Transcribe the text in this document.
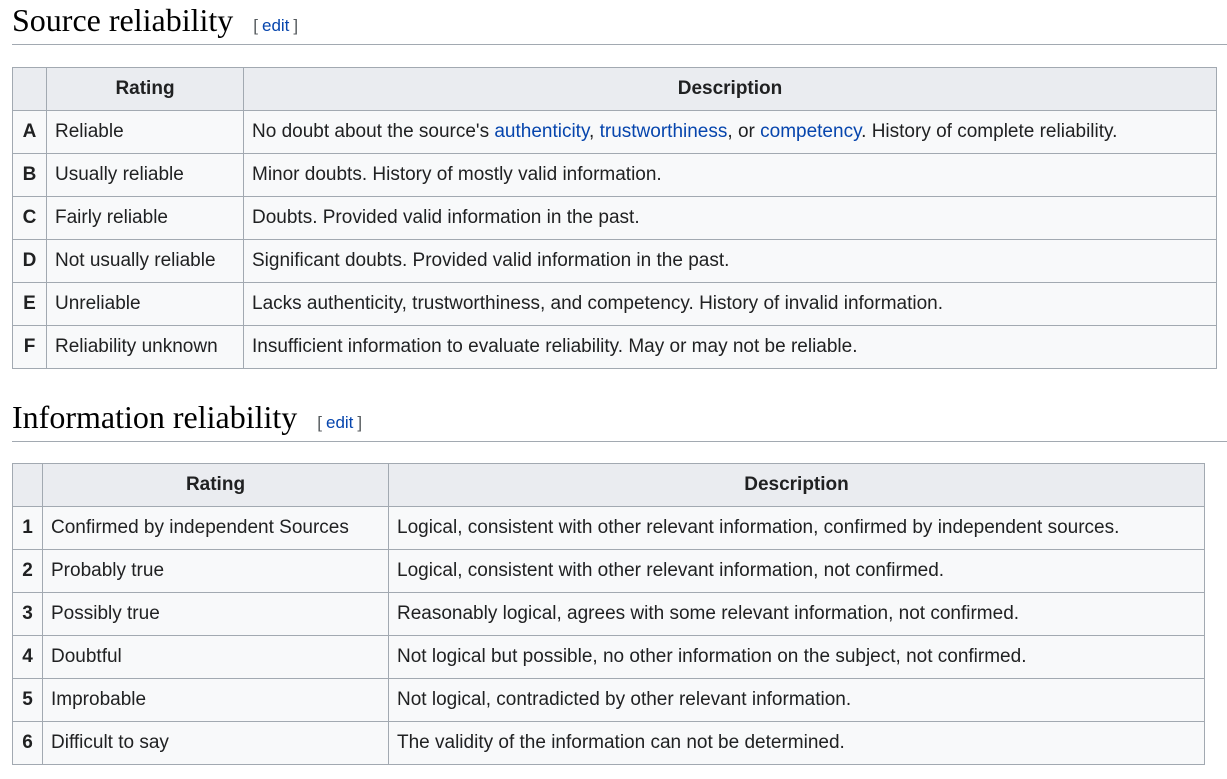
Source reliability [ edit ]
	Rating	Description
A	Reliable	No doubt about the source's authenticity, trustworthiness, or competency. History of complete reliability.
B	Usually reliable	Minor doubts. History of mostly valid information.
C	Fairly reliable	Doubts. Provided valid information in the past.
D	Not usually reliable	Significant doubts. Provided valid information in the past.
E	Unreliable	Lacks authenticity, trustworthiness, and competency. History of invalid information.
F	Reliability unknown	Insufficient information to evaluate reliability. May or may not be reliable.
Information reliability [ edit ]
	Rating	Description
1	Confirmed by independent Sources	Logical, consistent with other relevant information, confirmed by independent sources.
2	Probably true	Logical, consistent with other relevant information, not confirmed.
3	Possibly true	Reasonably logical, agrees with some relevant information, not confirmed.
4	Doubtful	Not logical but possible, no other information on the subject, not confirmed.
5	Improbable	Not logical, contradicted by other relevant information.
6	Difficult to say	The validity of the information can not be determined.
